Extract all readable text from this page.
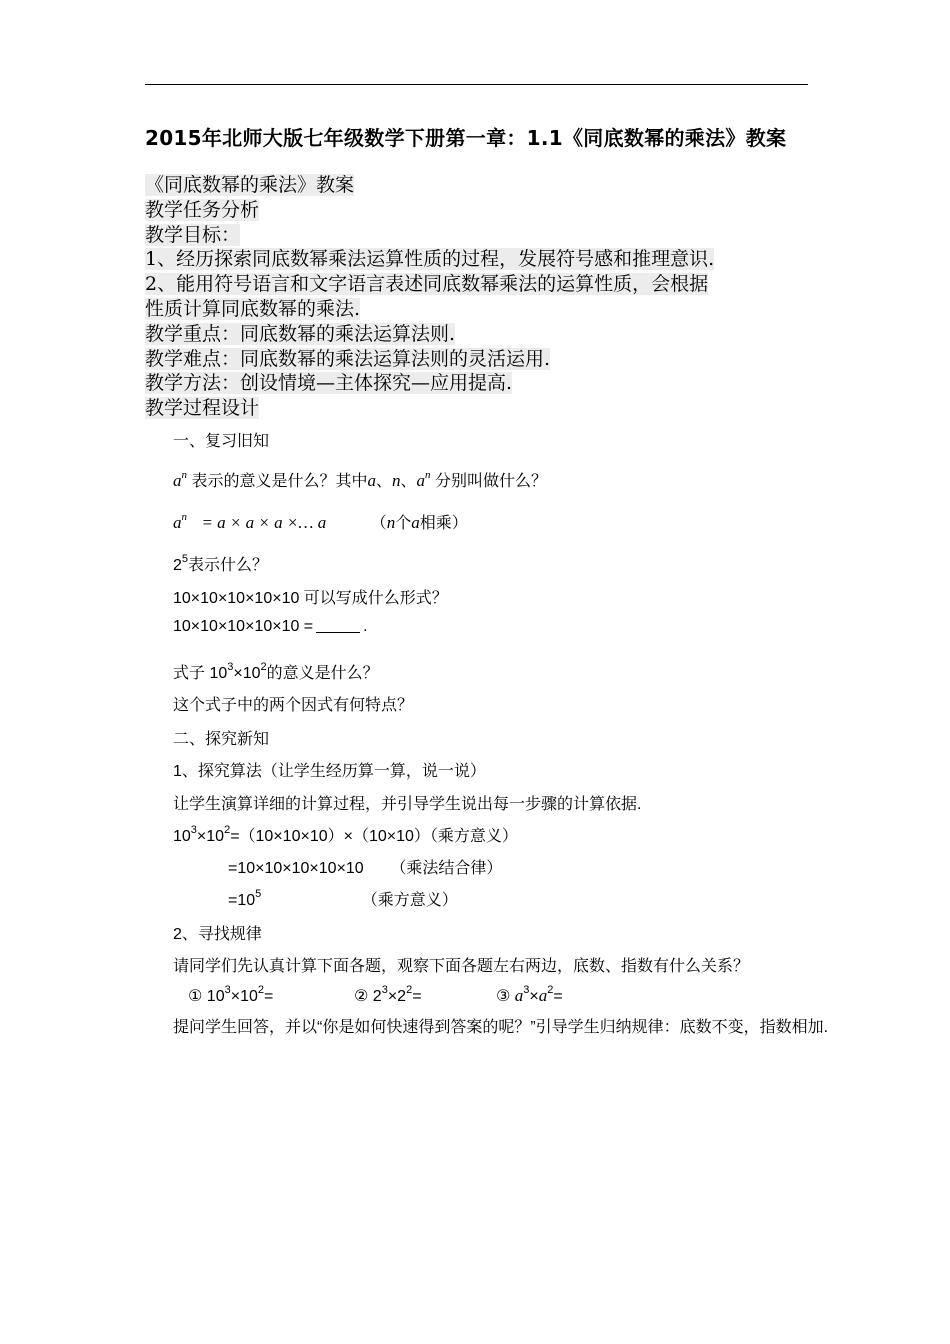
2015年北师大版七年级数学下册第一章：1.1《同底数幂的乘法》教案
《同底数幂的乘法》教案
教学任务分析
教学目标：
1、经历探索同底数幂乘法运算性质的过程，发展符号感和推理意识.
2、能用符号语言和文字语言表述同底数幂乘法的运算性质，会根据
性质计算同底数幂的乘法.
教学重点：同底数幂的乘法运算法则.
教学难点：同底数幂的乘法运算法则的灵活运用.
教学方法：创设情境—主体探究—应用提高.
教学过程设计
一、复习旧知
$a^n$ 表示的意义是什么？其中a、n、$a^n$ 分别叫做什么？
$a^n = a \times a \times a$ ×… a	（n个a相乘）
$2^5$表示什么？
10×10×10×10×10 可以写成什么形式？
10×10×10×10×10 =	.
式子 $10^3\times 10^2$的意义是什么？
这个式子中的两个因式有何特点？
二、探究新知
1、探究算法（让学生经历算一算，说一说）
让学生演算详细的计算过程，并引导学生说出每一步骤的计算依据.
$10^3\times 10^2=(10\times 10\times 10)\times(10\times 10)$（乘方意义）
=10×10×10×10×10      （乘法结合律）
$=10^5$	（乘方意义）
2、寻找规律
请同学们先认真计算下面各题，观察下面各题左右两边，底数、指数有什么关系？
① $10^3\times 10^2=$	② $2^3\times 2^2=$	③ $a^3\times a^2=$
提问学生回答，并以“你是如何快速得到答案的呢？”引导学生归纳规律：底数不变，指数相加.
